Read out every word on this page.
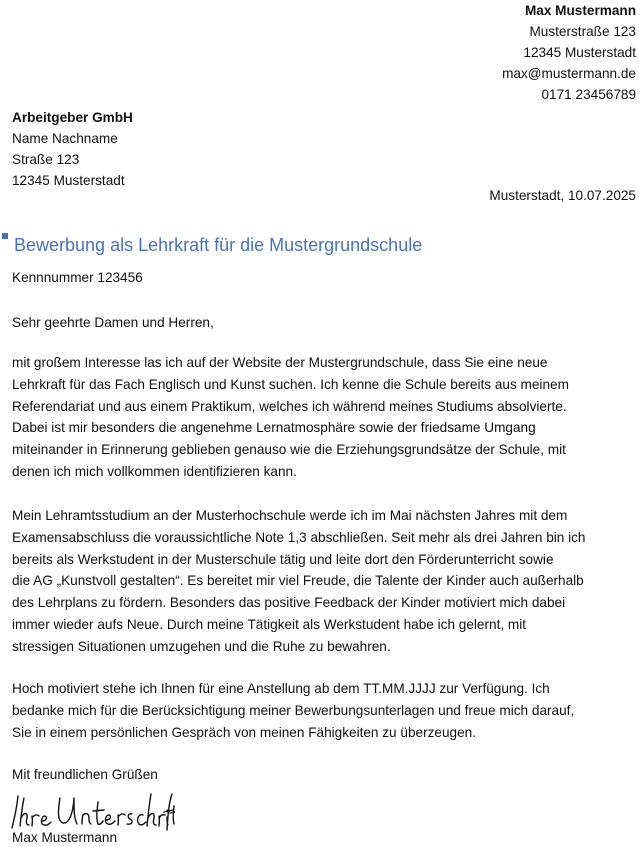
Max Mustermann
Musterstraße 123
12345 Musterstadt
max@mustermann.de
0171 23456789
Arbeitgeber GmbH
Name Nachname
Straße 123
12345 Musterstadt
Musterstadt, 10.07.2025
Bewerbung als Lehrkraft für die Mustergrundschule
Kennnummer 123456
Sehr geehrte Damen und Herren,
mit großem Interesse las ich auf der Website der Mustergrundschule, dass Sie eine neue
Lehrkraft für das Fach Englisch und Kunst suchen. Ich kenne die Schule bereits aus meinem
Referendariat und aus einem Praktikum, welches ich während meines Studiums absolvierte.
Dabei ist mir besonders die angenehme Lernatmosphäre sowie der friedsame Umgang
miteinander in Erinnerung geblieben genauso wie die Erziehungsgrundsätze der Schule, mit
denen ich mich vollkommen identifizieren kann.
Mein Lehramtsstudium an der Musterhochschule werde ich im Mai nächsten Jahres mit dem
Examensabschluss die voraussichtliche Note 1,3 abschließen. Seit mehr als drei Jahren bin ich
bereits als Werkstudent in der Musterschule tätig und leite dort den Förderunterricht sowie
die AG „Kunstvoll gestalten“. Es bereitet mir viel Freude, die Talente der Kinder auch außerhalb
des Lehrplans zu fördern. Besonders das positive Feedback der Kinder motiviert mich dabei
immer wieder aufs Neue. Durch meine Tätigkeit als Werkstudent habe ich gelernt, mit
stressigen Situationen umzugehen und die Ruhe zu bewahren.
Hoch motiviert stehe ich Ihnen für eine Anstellung ab dem TT.MM.JJJJ zur Verfügung. Ich
bedanke mich für die Berücksichtigung meiner Bewerbungsunterlagen und freue mich darauf,
Sie in einem persönlichen Gespräch von meinen Fähigkeiten zu überzeugen.
Mit freundlichen Grüßen
Max Mustermann
